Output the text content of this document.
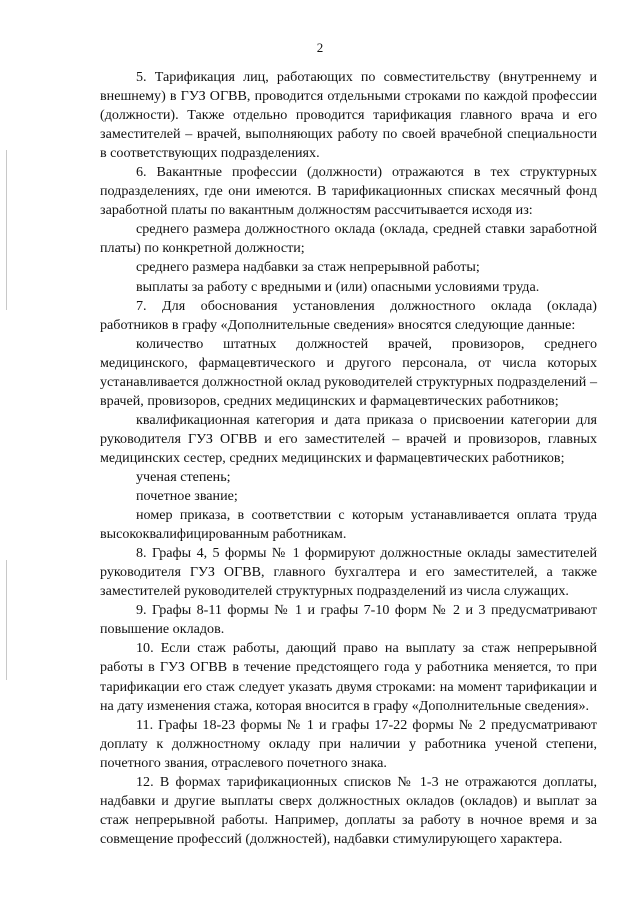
2

5. Тарификация лиц, работающих по совместительству (внутреннему и внешнему) в ГУЗ ОГВВ, проводится отдельными строками по каждой профессии (должности). Также отдельно проводится тарификация главного врача и его заместителей – врачей, выполняющих работу по своей врачебной специальности в соответствующих подразделениях.

6. Вакантные профессии (должности) отражаются в тех структурных подразделениях, где они имеются. В тарификационных списках месячный фонд заработной платы по вакантным должностям рассчитывается исходя из:

среднего размера должностного оклада (оклада, средней ставки заработной платы) по конкретной должности;

среднего размера надбавки за стаж непрерывной работы;

выплаты за работу с вредными и (или) опасными условиями труда.

7. Для обоснования установления должностного оклада (оклада) работников в графу «Дополнительные сведения» вносятся следующие данные:

количество штатных должностей врачей, провизоров, среднего медицинского, фармацевтического и другого персонала, от числа которых устанавливается должностной оклад руководителей структурных подразделений – врачей, провизоров, средних медицинских и фармацевтических работников;

квалификационная категория и дата приказа о присвоении категории для руководителя ГУЗ ОГВВ и его заместителей – врачей и провизоров, главных медицинских сестер, средних медицинских и фармацевтических работников;

ученая степень;

почетное звание;

номер приказа, в соответствии с которым устанавливается оплата труда высококвалифицированным работникам.

8. Графы 4, 5 формы № 1 формируют должностные оклады заместителей руководителя ГУЗ ОГВВ, главного бухгалтера и его заместителей, а также заместителей руководителей структурных подразделений из числа служащих.

9. Графы 8-11 формы № 1 и графы 7-10 форм № 2 и 3 предусматривают повышение окладов.

10. Если стаж работы, дающий право на выплату за стаж непрерывной работы в ГУЗ ОГВВ в течение предстоящего года у работника меняется, то при тарификации его стаж следует указать двумя строками: на момент тарификации и на дату изменения стажа, которая вносится в графу «Дополнительные сведения».

11. Графы 18-23 формы № 1 и графы 17-22 формы № 2 предусматривают доплату к должностному окладу при наличии у работника ученой степени, почетного звания, отраслевого почетного знака.

12. В формах тарификационных списков № 1-3 не отражаются доплаты, надбавки и другие выплаты сверх должностных окладов (окладов) и выплат за стаж непрерывной работы. Например, доплаты за работу в ночное время и за совмещение профессий (должностей), надбавки стимулирующего характера.
